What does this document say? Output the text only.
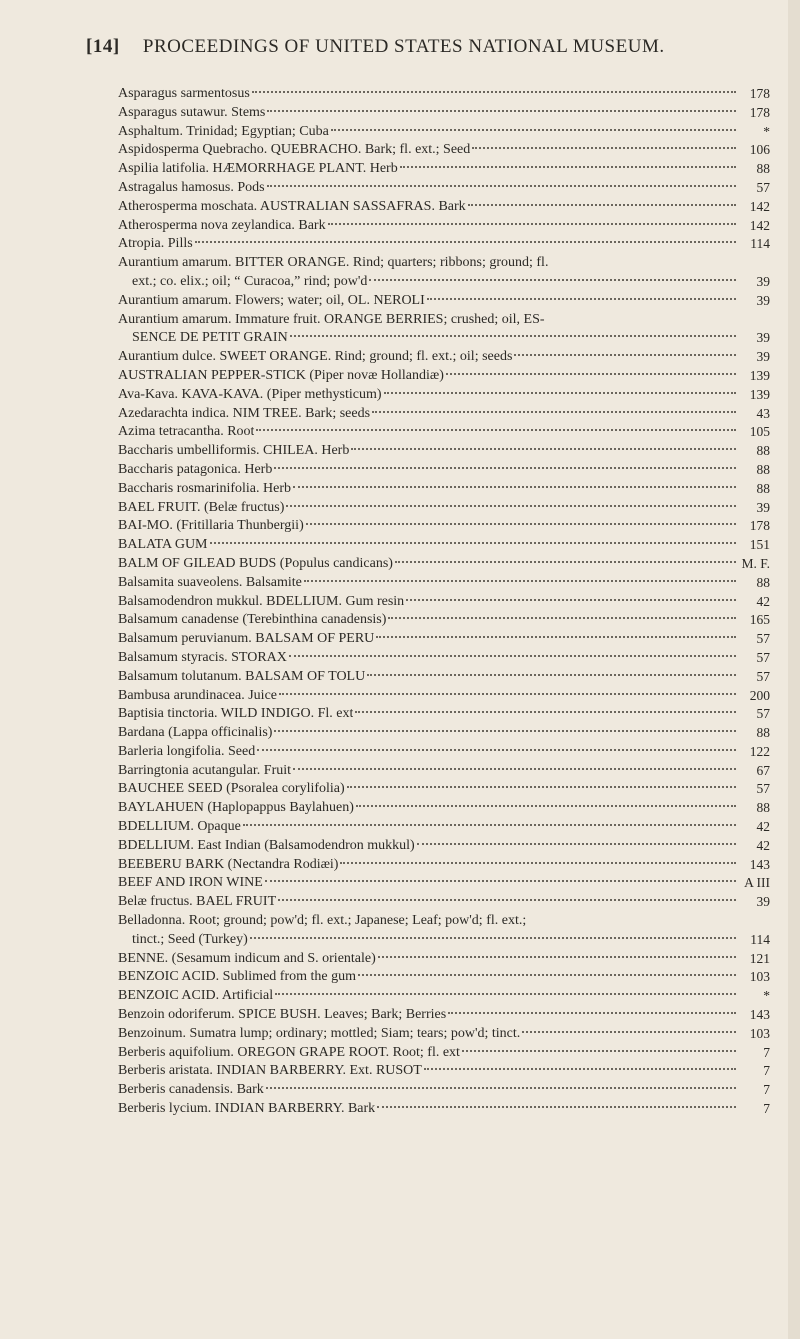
[14] PROCEEDINGS OF UNITED STATES NATIONAL MUSEUM.
Asparagus sarmentosus	178
Asparagus sutawur. Stems	178
Asphaltum. Trinidad; Egyptian; Cuba	*
Aspidosperma Quebracho. QUEBRACHO. Bark; fl. ext.; Seed	106
Aspilia latifolia. HÆMORRHAGE PLANT. Herb	88
Astragalus hamosus. Pods	57
Atherosperma moschata. AUSTRALIAN SASSAFRAS. Bark	142
Atherosperma nova zeylandica. Bark	142
Atropia. Pills	114
Aurantium amarum. BITTER ORANGE. Rind; quarters; ribbons; ground; fl.
ext.; co. elix.; oil; “ Curacoa,” rind; pow'd	39
Aurantium amarum. Flowers; water; oil, OL. NEROLI	39
Aurantium amarum. Immature fruit. ORANGE BERRIES; crushed; oil, ES-
SENCE DE PETIT GRAIN	39
Aurantium dulce. SWEET ORANGE. Rind; ground; fl. ext.; oil; seeds	39
AUSTRALIAN PEPPER-STICK (Piper novæ Hollandiæ)	139
Ava-Kava. KAVA-KAVA. (Piper methysticum)	139
Azedarachta indica. NIM TREE. Bark; seeds	43
Azima tetracantha. Root	105
Baccharis umbelliformis. CHILEA. Herb	88
Baccharis patagonica. Herb	88
Baccharis rosmarinifolia. Herb	88
BAEL FRUIT. (Belæ fructus)	39
BAI-MO. (Fritillaria Thunbergii)	178
BALATA GUM	151
BALM OF GILEAD BUDS (Populus candicans)	M. F.
Balsamita suaveolens. Balsamite	88
Balsamodendron mukkul. BDELLIUM. Gum resin	42
Balsamum canadense (Terebinthina canadensis)	165
Balsamum peruvianum. BALSAM OF PERU	57
Balsamum styracis. STORAX	57
Balsamum tolutanum. BALSAM OF TOLU	57
Bambusa arundinacea. Juice	200
Baptisia tinctoria. WILD INDIGO. Fl. ext	57
Bardana (Lappa officinalis)	88
Barleria longifolia. Seed	122
Barringtonia acutangular. Fruit	67
BAUCHEE SEED (Psoralea corylifolia)	57
BAYLAHUEN (Haplopappus Baylahuen)	88
BDELLIUM. Opaque	42
BDELLIUM. East Indian (Balsamodendron mukkul)	42
BEEBERU BARK (Nectandra Rodiæi)	143
BEEF AND IRON WINE	A III
Belæ fructus. BAEL FRUIT	39
Belladonna. Root; ground; pow'd; fl. ext.; Japanese; Leaf; pow'd; fl. ext.;
tinct.; Seed (Turkey)	114
BENNE. (Sesamum indicum and S. orientale)	121
BENZOIC ACID. Sublimed from the gum	103
BENZOIC ACID. Artificial	*
Benzoin odoriferum. SPICE BUSH. Leaves; Bark; Berries	143
Benzoinum. Sumatra lump; ordinary; mottled; Siam; tears; pow'd; tinct.	103
Berberis aquifolium. OREGON GRAPE ROOT. Root; fl. ext	7
Berberis aristata. INDIAN BARBERRY. Ext. RUSOT	7
Berberis canadensis. Bark	7
Berberis lycium. INDIAN BARBERRY. Bark	7
